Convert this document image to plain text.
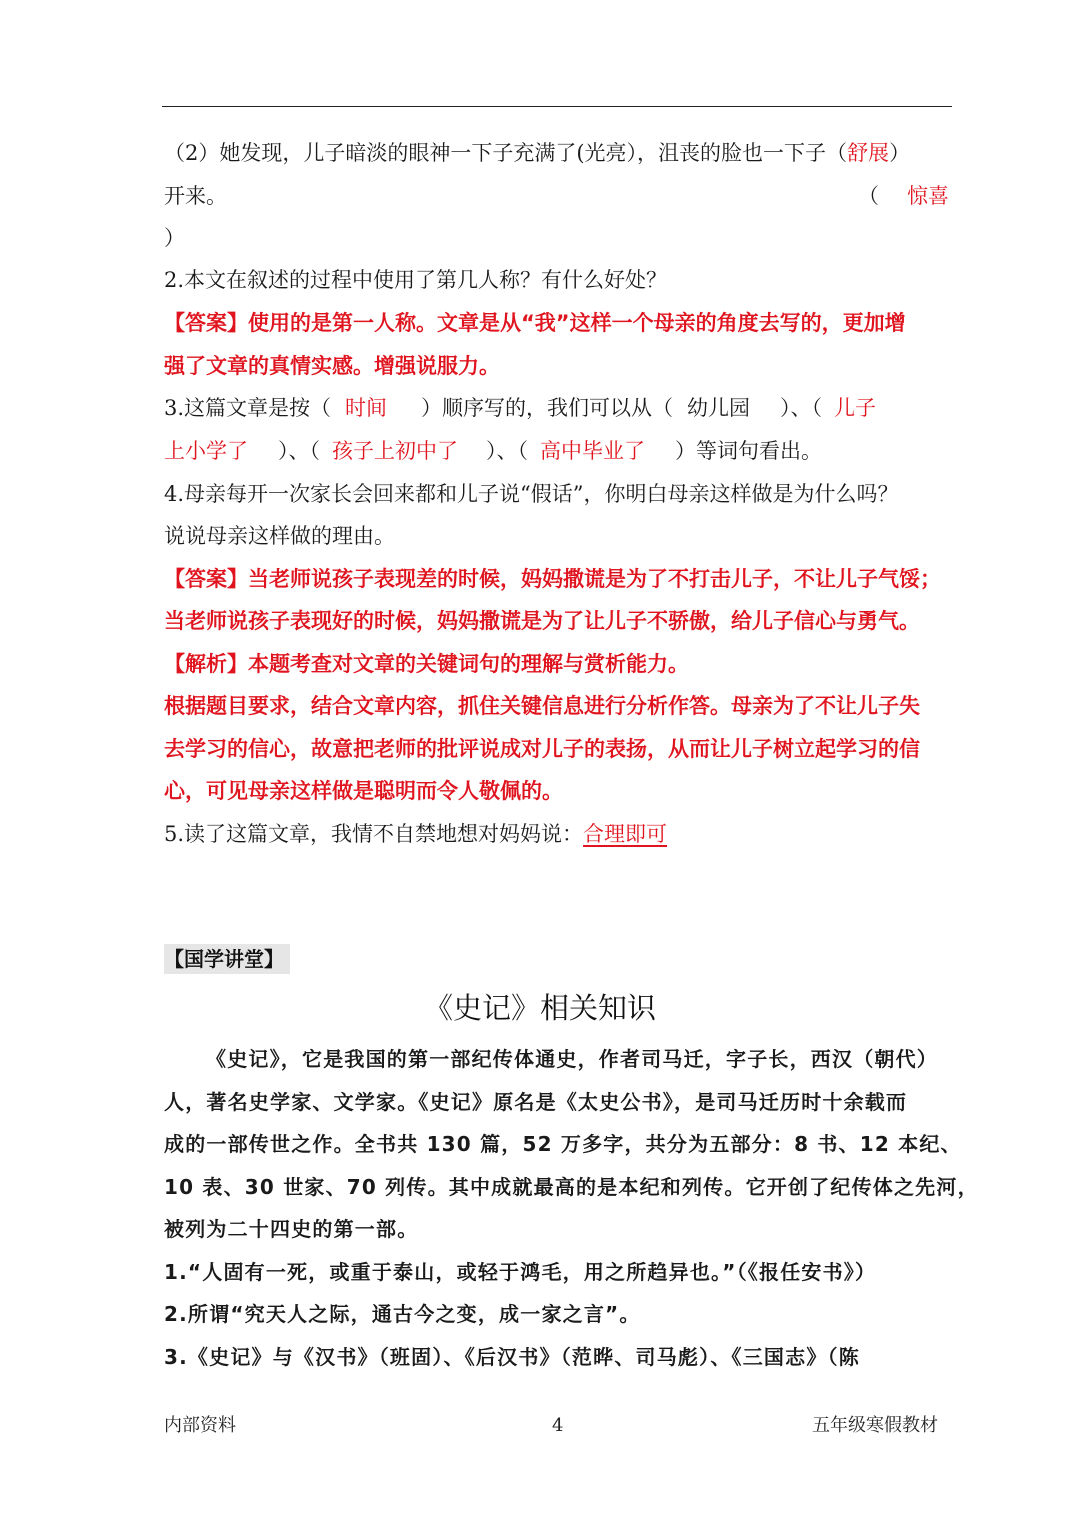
（2）她发现，儿子暗淡的眼神一下子充满了(光亮），沮丧的脸也一下子（舒展）
开来。	（ 惊喜
）
2.本文在叙述的过程中使用了第几人称？有什么好处？
【答案】使用的是第一人称。文章是从“我”这样一个母亲的角度去写的，更加增
强了文章的真情实感。增强说服力。
3.这篇文章是按（ 时间 ）顺序写的，我们可以从（ 幼儿园 ）、（ 儿子
上小学了 ）、（ 孩子上初中了 ）、（ 高中毕业了 ）等词句看出。
4.母亲每开一次家长会回来都和儿子说“假话”，你明白母亲这样做是为什么吗？
说说母亲这样做的理由。
【答案】当老师说孩子表现差的时候，妈妈撒谎是为了不打击儿子，不让儿子气馁；
当老师说孩子表现好的时候，妈妈撒谎是为了让儿子不骄傲，给儿子信心与勇气。
【解析】本题考查对文章的关键词句的理解与赏析能力。
根据题目要求，结合文章内容，抓住关键信息进行分析作答。母亲为了不让儿子失
去学习的信心，故意把老师的批评说成对儿子的表扬，从而让儿子树立起学习的信
心，可见母亲这样做是聪明而令人敬佩的。
5.读了这篇文章，我情不自禁地想对妈妈说：合理即可
【国学讲堂】
《史记》相关知识
《史记》，它是我国的第一部纪传体通史，作者司马迁，字子长，西汉（朝代）
人，著名史学家、文学家。《史记》原名是《太史公书》，是司马迁历时十余载而
成的一部传世之作。全书共 130 篇，52 万多字，共分为五部分：8 书、12 本纪、
10 表、30 世家、70 列传。其中成就最高的是本纪和列传。它开创了纪传体之先河，
被列为二十四史的第一部。
1.“人固有一死，或重于泰山，或轻于鸿毛，用之所趋异也。”（《报任安书》）
2.所谓“究天人之际，通古今之变，成一家之言”。
3.《史记》与《汉书》（班固）、《后汉书》（范晔、司马彪）、《三国志》（陈
内部资料	4	五年级寒假教材
